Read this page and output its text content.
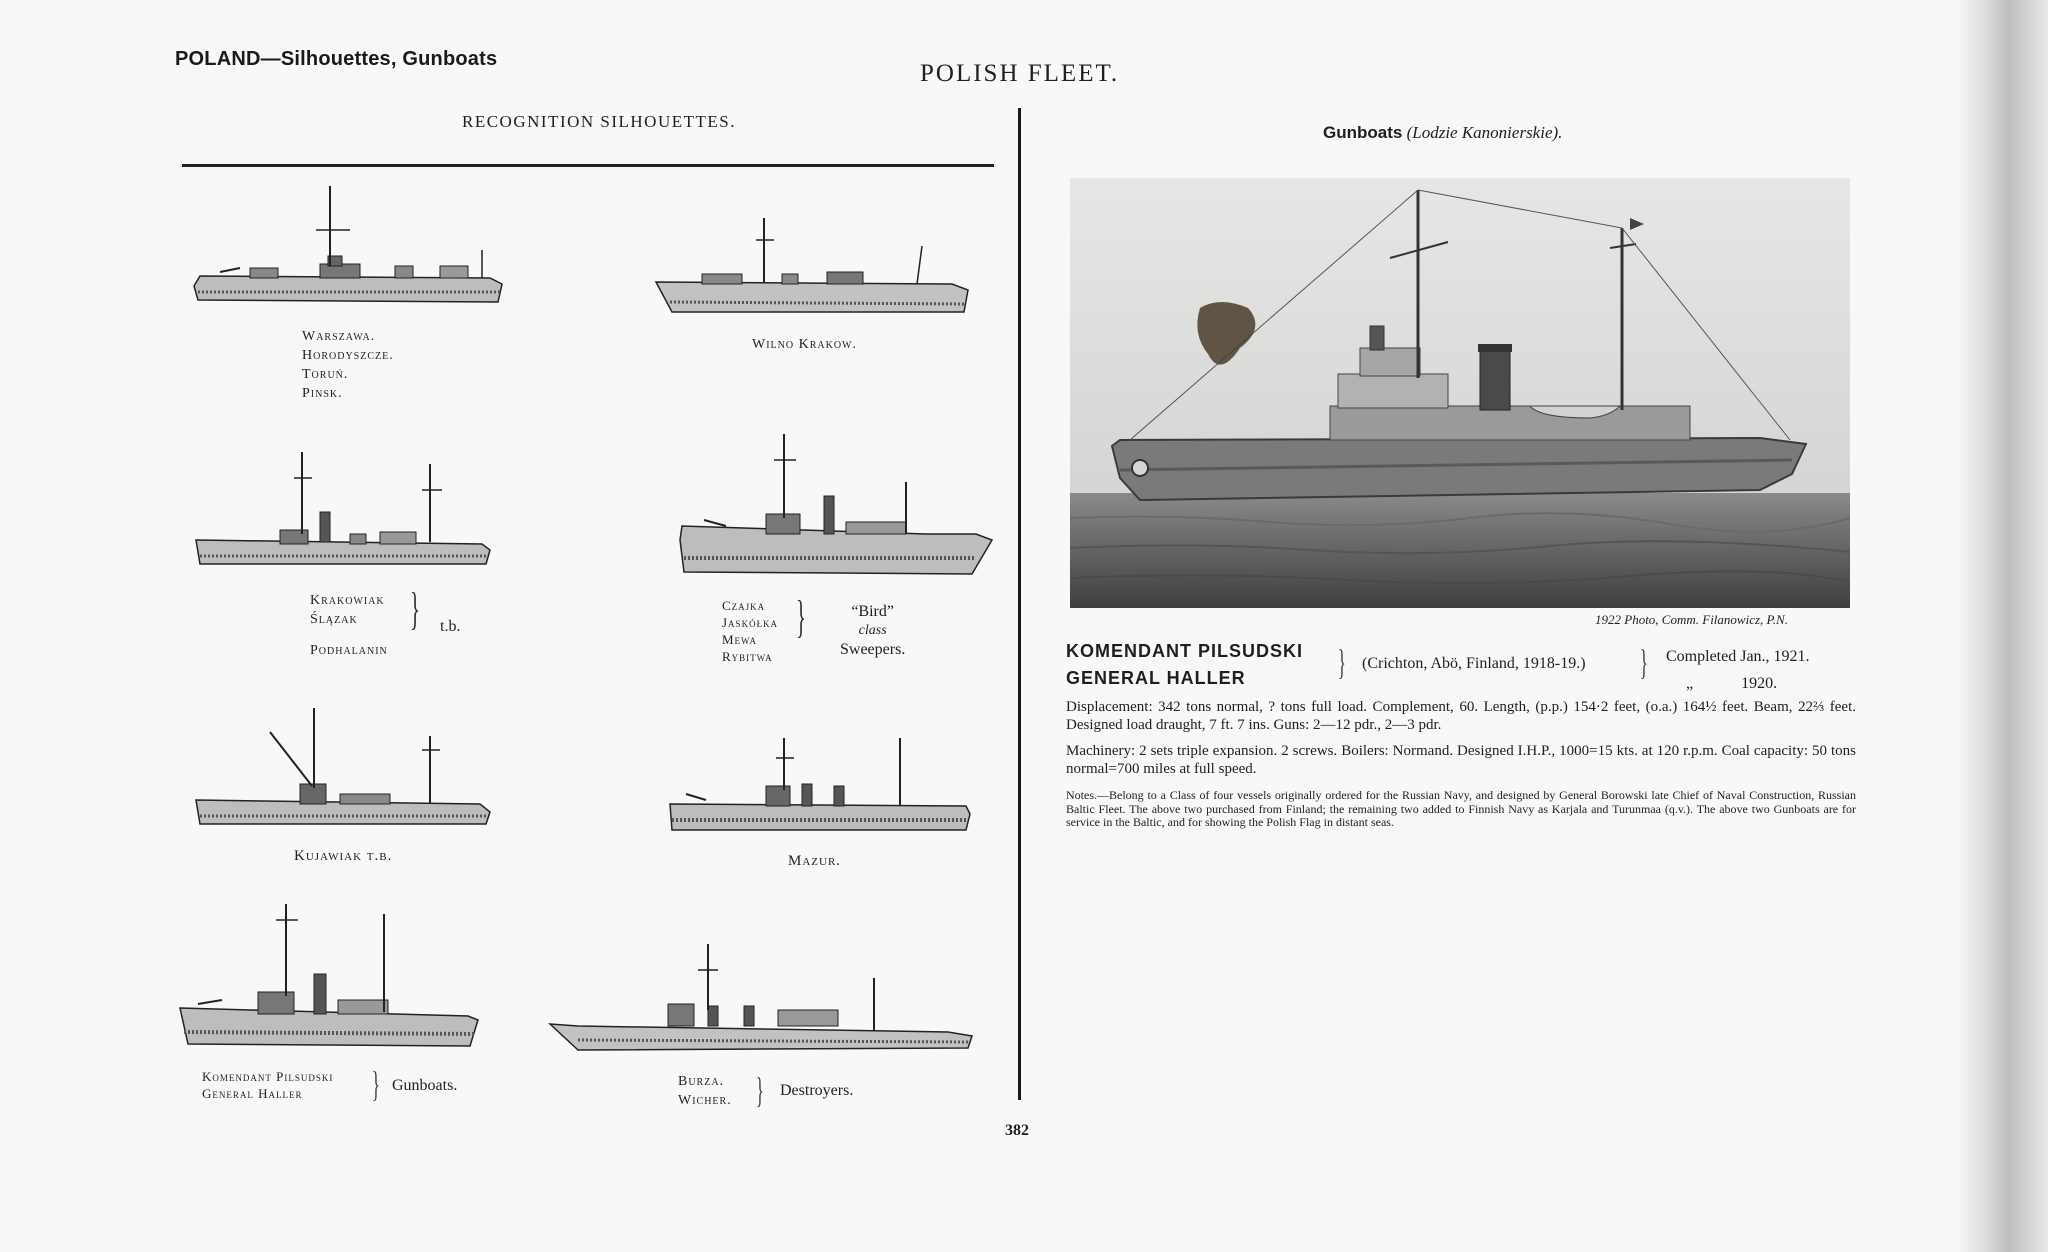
POLAND—Silhouettes, Gunboats
POLISH FLEET.
RECOGNITION SILHOUETTES.
Warszawa.
Horodyszcze.
Toruń.
Pinsk.
Wilno Krakow.
Krakowiak
Ślązak
Podhalanin
} t.b.
Czajka
Jaskółka
Mewa
Rybitwa
}	“Bird”
class
Sweepers.
Kujawiak t.b.	Mazur.
Komendant Pilsudski
General Haller	} Gunboats.	Burza.
Wicher. } Destroyers.
382
Gunboats (Lodzie Kanonierskie).
1922 Photo, Comm. Filanowicz, P.N.
KOMENDANT PILSUDSKI
GENERAL HALLER	} (Crichton, Abö, Finland, 1918-19.) } Completed Jan., 1921.
„	1920.
Displacement: 342 tons normal, ? tons full load. Complement, 60. Length, (p.p.) 154·2 feet, (o.a.) 164½ feet. Beam, 22⅔ feet. Designed load draught, 7 ft. 7 ins. Guns: 2—12 pdr., 2—3 pdr.
Machinery: 2 sets triple expansion. 2 screws. Boilers: Normand. Designed I.H.P., 1000=15 kts. at 120 r.p.m. Coal capacity: 50 tons normal=700 miles at full speed.
Notes.—Belong to a Class of four vessels originally ordered for the Russian Navy, and designed by General Borowski late Chief of Naval Construction, Russian Baltic Fleet. The above two purchased from Finland; the remaining two added to Finnish Navy as Karjala and Turunmaa (q.v.). The above two Gunboats are for service in the Baltic, and for showing the Polish Flag in distant seas.
